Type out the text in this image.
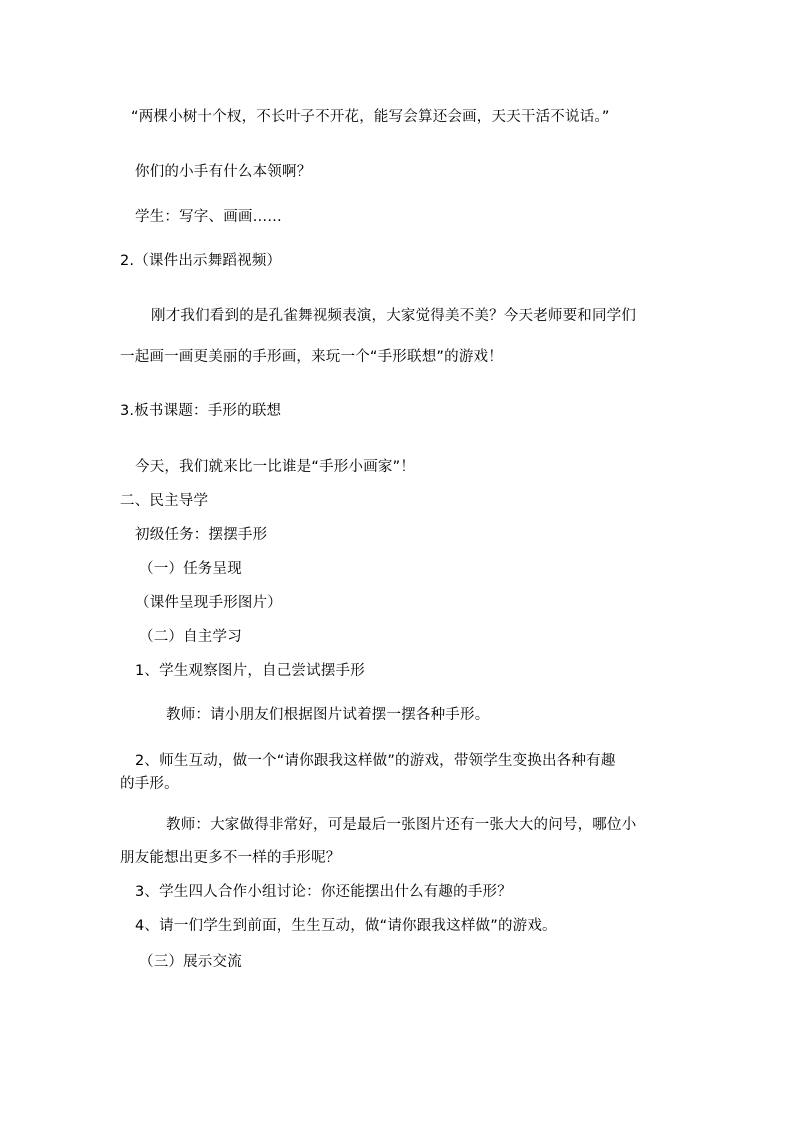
“两棵小树十个杈，不长叶子不开花，能写会算还会画，天天干活不说话。”
你们的小手有什么本领啊？
学生：写字、画画……
2.（课件出示舞蹈视频）
刚才我们看到的是孔雀舞视频表演，大家觉得美不美？今天老师要和同学们
一起画一画更美丽的手形画，来玩一个“手形联想”的游戏！
3.板书课题：手形的联想
今天，我们就来比一比谁是“手形小画家”！
二、民主导学
初级任务：摆摆手形
（一）任务呈现
（课件呈现手形图片）
（二）自主学习
1、学生观察图片，自己尝试摆手形
教师：请小朋友们根据图片试着摆一摆各种手形。
2、师生互动，做一个“请你跟我这样做”的游戏，带领学生变换出各种有趣
的手形。
教师：大家做得非常好，可是最后一张图片还有一张大大的问号，哪位小
朋友能想出更多不一样的手形呢？
3、学生四人合作小组讨论：你还能摆出什么有趣的手形？
4、请一们学生到前面，生生互动，做“请你跟我这样做”的游戏。
（三）展示交流
